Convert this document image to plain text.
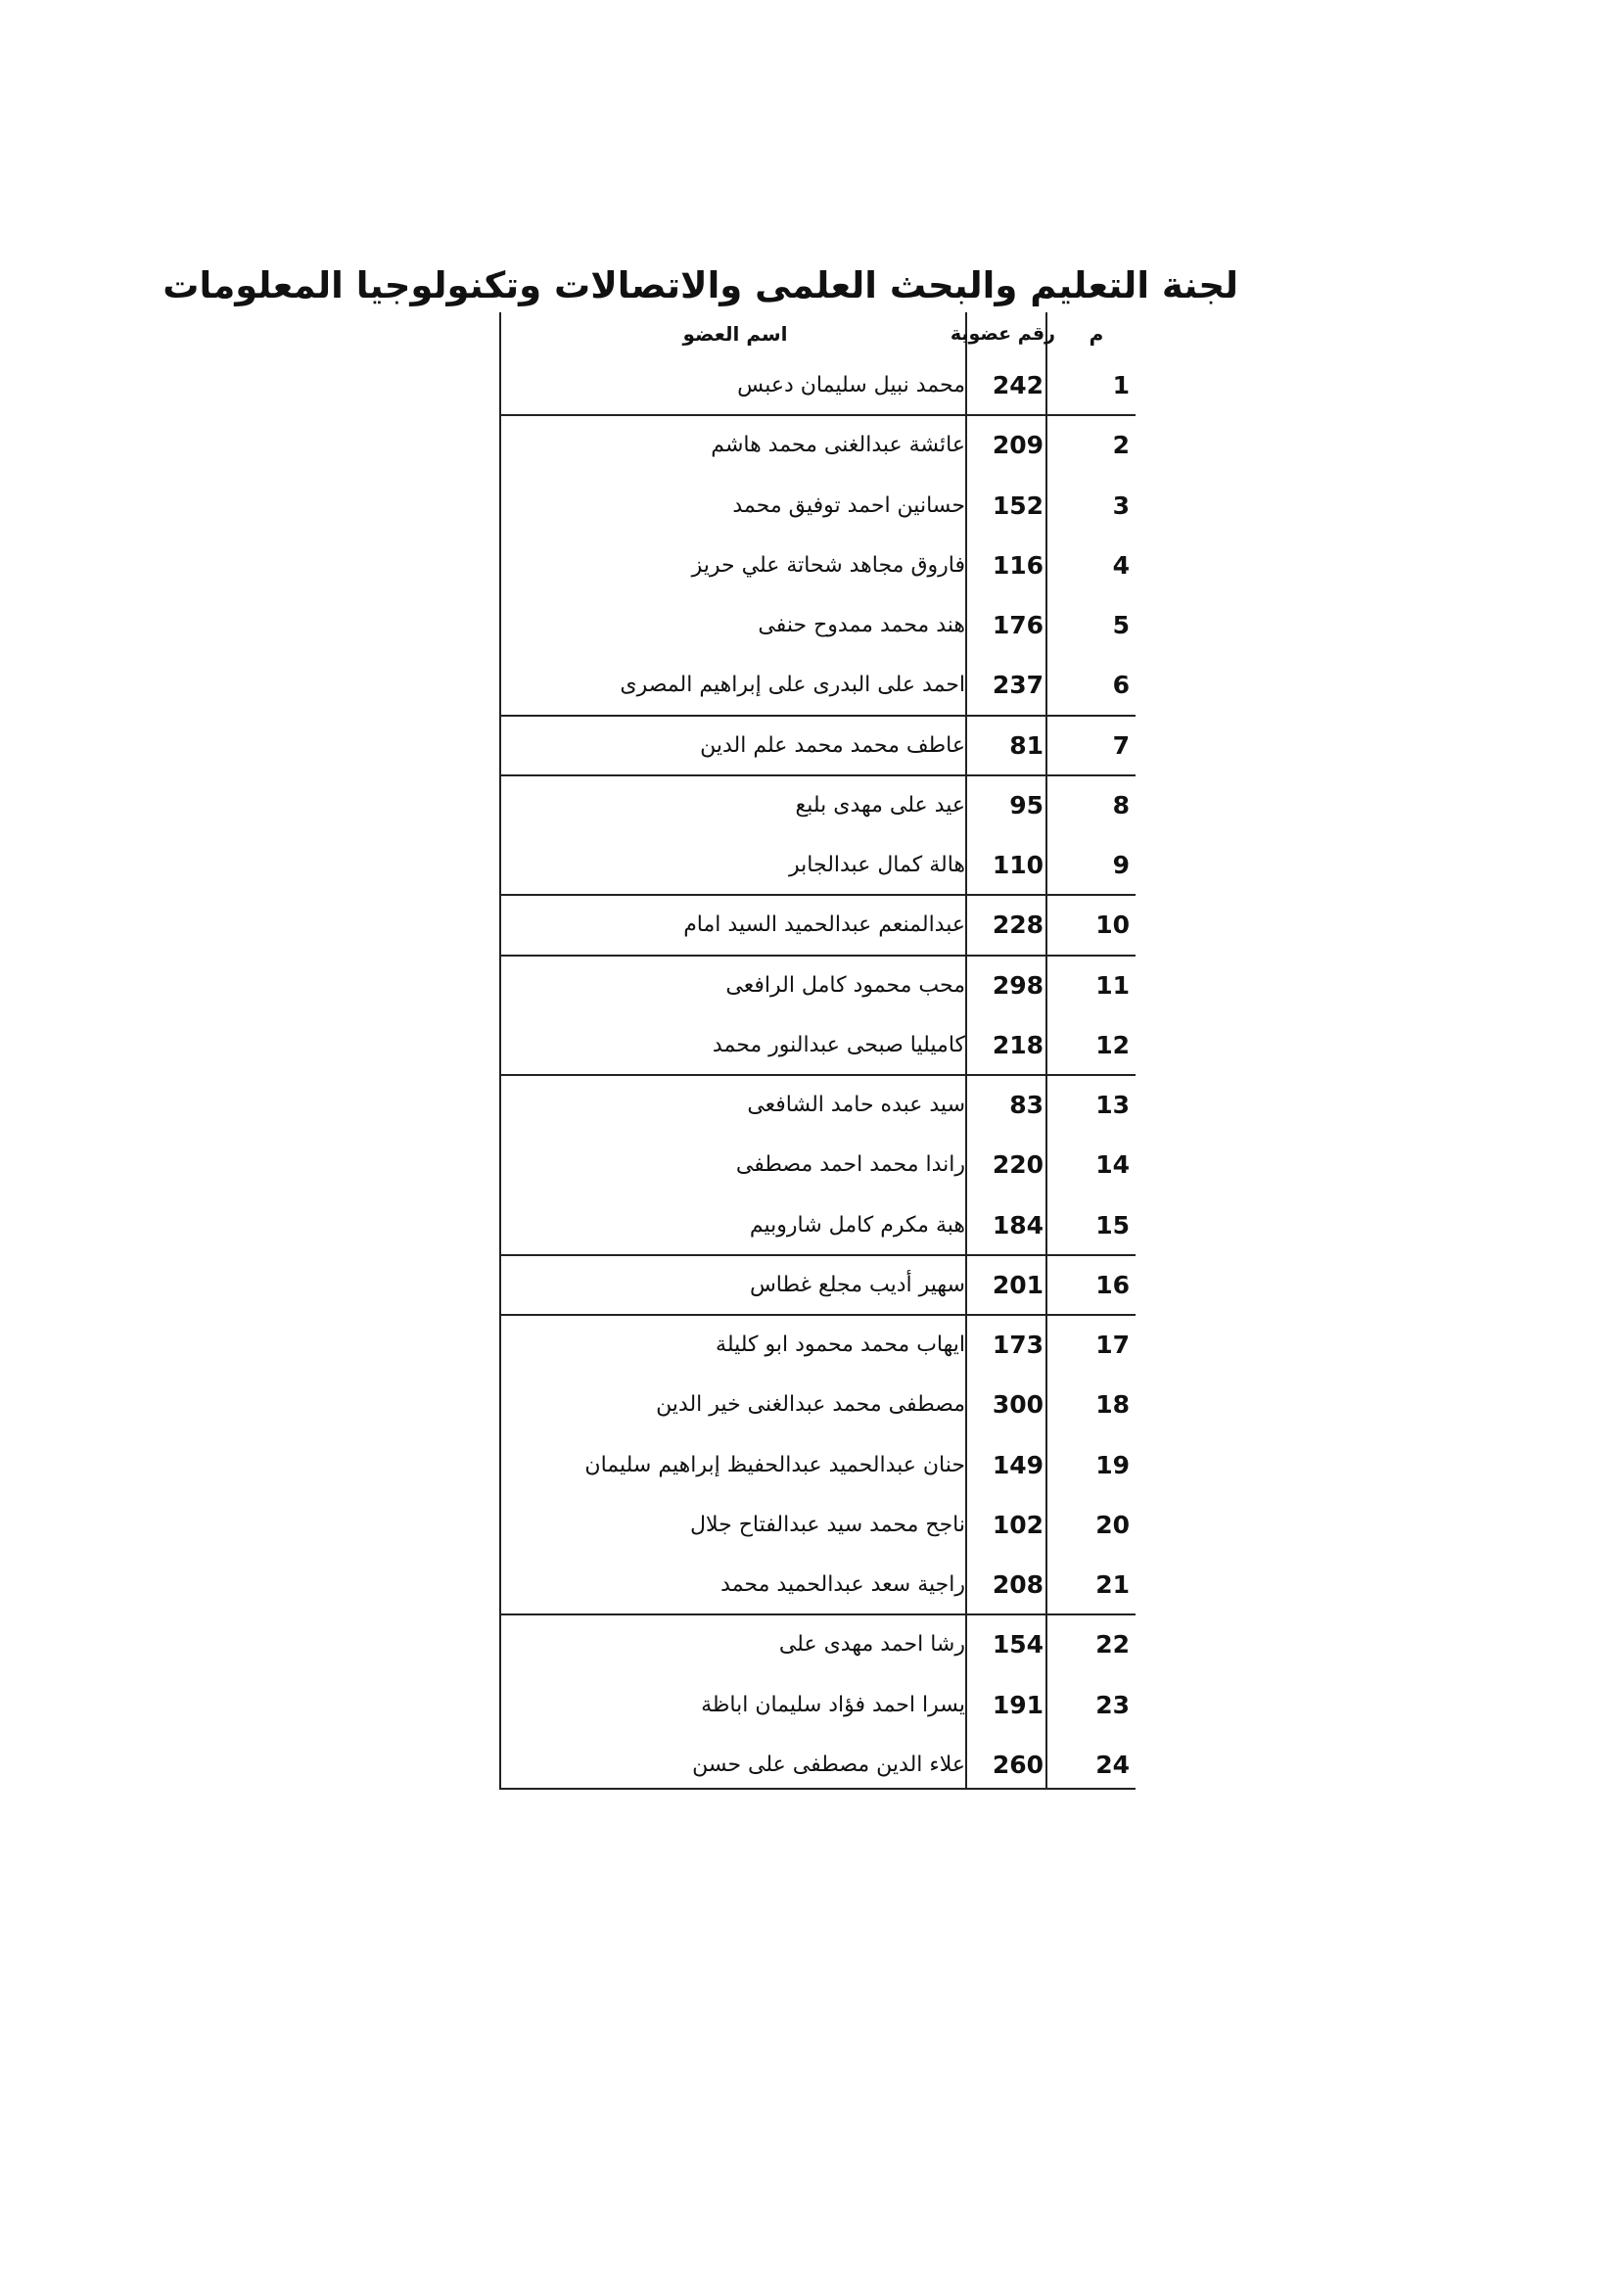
لجنة التعليم والبحث العلمى والاتصالات وتكنولوجيا المعلومات
اسم العضو	رقم عضوية	م
محمد نبيل سليمان دعبس	242	1
عائشة عبدالغنى محمد هاشم	209	2
حسانين احمد توفيق محمد	152	3
فاروق مجاهد شحاتة علي حريز	116	4
هند محمد ممدوح حنفى	176	5
احمد على البدرى على إبراهيم المصرى	237	6
عاطف محمد محمد علم الدين	81	7
عيد على مهدى بلبع	95	8
هالة كمال عبدالجابر	110	9
عبدالمنعم عبدالحميد السيد امام	228	10
محب محمود كامل الرافعى	298	11
كاميليا صبحى عبدالنور محمد	218	12
سيد عبده حامد الشافعى	83	13
راندا محمد احمد مصطفى	220	14
هبة مكرم كامل شاروبيم	184	15
سهير أديب مجلع غطاس	201	16
ايهاب محمد محمود ابو كليلة	173	17
مصطفى محمد عبدالغنى خير الدين	300	18
حنان عبدالحميد عبدالحفيظ إبراهيم سليمان	149	19
ناجح محمد سيد عبدالفتاح جلال	102	20
راجية سعد عبدالحميد محمد	208	21
رشا احمد مهدى على	154	22
يسرا احمد فؤاد سليمان اباظة	191	23
علاء الدين مصطفى على حسن	260	24
